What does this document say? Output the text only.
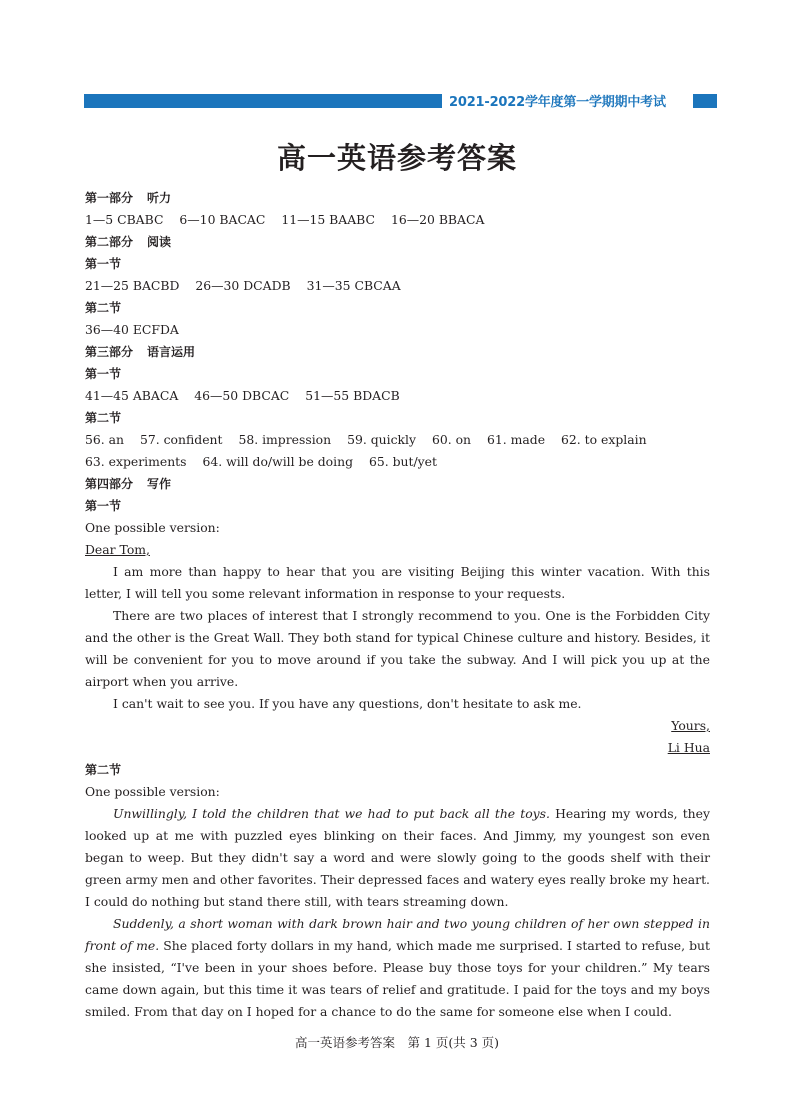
2021-2022学年度第一学期期中考试
高一英语参考答案
第一部分 听力
1—5 CBABC 6—10 BACAC 11—15 BAABC 16—20 BBACA
第二部分 阅读
第一节
21—25 BACBD 26—30 DCADB 31—35 CBCAA
第二节
36—40 ECFDA
第三部分 语言运用
第一节
41—45 ABACA 46—50 DBCAC 51—55 BDACB
第二节
56. an 57. confident 58. impression 59. quickly 60. on 61. made 62. to explain
63. experiments 64. will do/will be doing 65. but/yet
第四部分 写作
第一节
One possible version:
Dear Tom,

I am more than happy to hear that you are visiting Beijing this winter vacation. With this letter, I will tell you some relevant information in response to your requests.

There are two places of interest that I strongly recommend to you. One is the Forbidden City and the other is the Great Wall. They both stand for typical Chinese culture and history. Besides, it will be convenient for you to move around if you take the subway. And I will pick you up at the airport when you arrive.

I can't wait to see you. If you have any questions, don't hesitate to ask me.

Yours,
Li Hua
第二节
One possible version:

Unwillingly, I told the children that we had to put back all the toys. Hearing my words, they looked up at me with puzzled eyes blinking on their faces. And Jimmy, my youngest son even began to weep. But they didn't say a word and were slowly going to the goods shelf with their green army men and other favorites. Their depressed faces and watery eyes really broke my heart. I could do nothing but stand there still, with tears streaming down.

Suddenly, a short woman with dark brown hair and two young children of her own stepped in front of me. She placed forty dollars in my hand, which made me surprised. I started to refuse, but she insisted, “I've been in your shoes before. Please buy those toys for your children.” My tears came down again, but this time it was tears of relief and gratitude. I paid for the toys and my boys smiled. From that day on I hoped for a chance to do the same for someone else when I could.

高一英语参考答案　第 1 页(共 3 页)
